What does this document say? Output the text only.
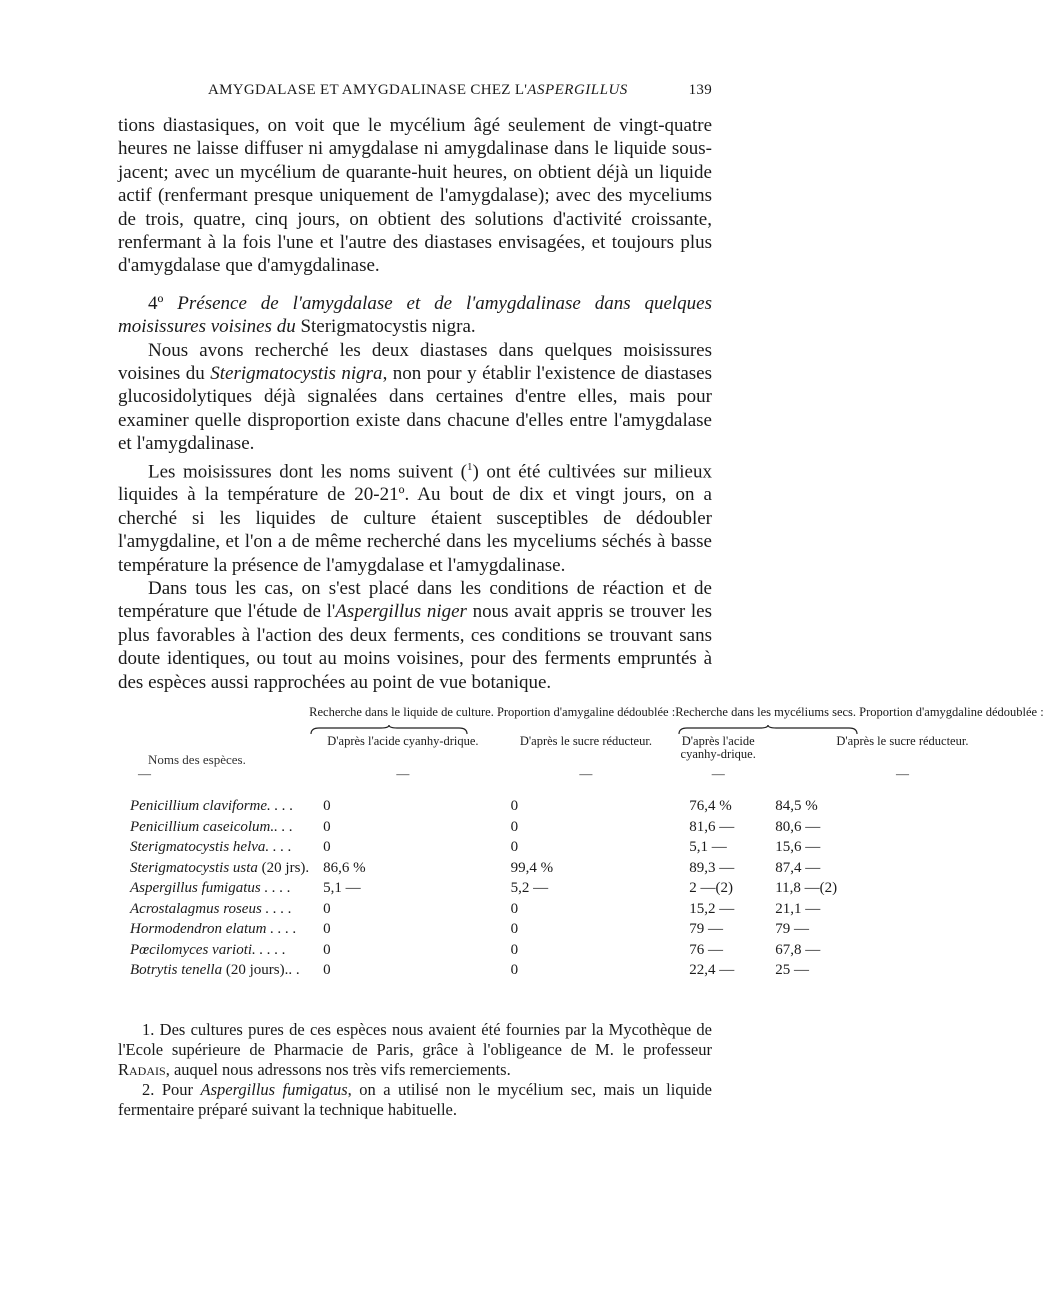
AMYGDALASE ET AMYGDALINASE CHEZ L'ASPERGILLUS	139

tions diastasiques, on voit que le mycélium âgé seulement de vingt-quatre heures ne laisse diffuser ni amygdalase ni amygdalinase dans le liquide sous-jacent; avec un mycélium de quarante-huit heures, on obtient déjà un liquide actif (renfermant presque uniquement de l'amygdalase); avec des myceliums de trois, quatre, cinq jours, on obtient des solutions d'activité croissante, renfermant à la fois l'une et l'autre des diastases envisagées, et toujours plus d'amygdalase que d'amygdalinase.

4º Présence de l'amygdalase et de l'amygdalinase dans quelques moisissures voisines du Sterigmatocystis nigra.

Nous avons recherché les deux diastases dans quelques moisissures voisines du Sterigmatocystis nigra, non pour y établir l'existence de diastases glucosidolytiques déjà signalées dans certaines d'entre elles, mais pour examiner quelle disproportion existe dans chacune d'elles entre l'amygdalase et l'amygdalinase.

Les moisissures dont les noms suivent ($^1$) ont été cultivées sur milieux liquides à la température de 20-21º. Au bout de dix et vingt jours, on a cherché si les liquides de culture étaient susceptibles de dédoubler l'amygdaline, et l'on a de même recherché dans les myceliums séchés à basse température la présence de l'amygdalase et l'amygdalinase.

Dans tous les cas, on s'est placé dans les conditions de réaction et de température que l'étude de l'Aspergillus niger nous avait appris se trouver les plus favorables à l'action des deux ferments, ces conditions se trouvant sans doute identiques, ou tout au moins voisines, pour des ferments empruntés à des espèces aussi rapprochées au point de vue botanique.

Noms des espèces.	Recherche dans le liquide de culture. Proportion d'amygaline dédoublée :		Recherche dans les mycéliums secs. Proportion d'amygdaline dédoublée :	

	D'après l'acide cyanhy-drique.	D'après le sucre réducteur.	D'après l'acide cyanhy-drique.	D'après le sucre réducteur.
—	—	—	—	—

Penicillium claviforme. . . .	0	0	76,4 %	84,5 %
Penicillium caseicolum.. . .	0	0	81,6 —	80,6 —
Sterigmatocystis helva. . . .	0	0	5,1 —	15,6 —
Sterigmatocystis usta (20 jrs).	86,6 %	99,4 %	89,3 —	87,4 —
Aspergillus fumigatus . . . .	5,1 —	5,2 —	2 —(2)	11,8 —(2)
Acrostalagmus roseus . . . .	0	0	15,2 —	21,1 —
Hormodendron elatum . . . .	0	0	79 —	79 —
Pœcilomyces varioti. . . . .	0	0	76 —	67,8 —
Botrytis tenella (20 jours).. .	0	0	22,4 —	25 —

1. Des cultures pures de ces espèces nous avaient été fournies par la Mycothèque de l'Ecole supérieure de Pharmacie de Paris, grâce à l'obligeance de M. le professeur Radais, auquel nous adressons nos très vifs remerciements.

2. Pour Aspergillus fumigatus, on a utilisé non le mycélium sec, mais un liquide fermentaire préparé suivant la technique habituelle.
